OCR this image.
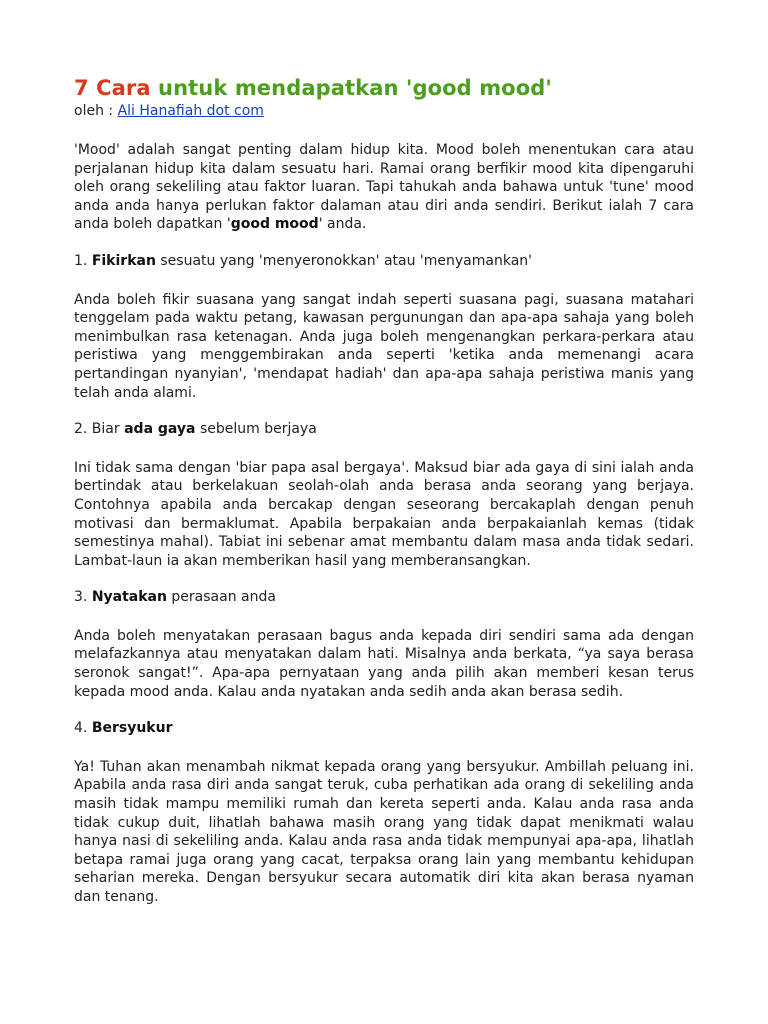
7 Cara untuk mendapatkan 'good mood'
oleh : Ali Hanafiah dot com

'Mood' adalah sangat penting dalam hidup kita. Mood boleh menentukan cara atau perjalanan hidup kita dalam sesuatu hari. Ramai orang berfikir mood kita dipengaruhi oleh orang sekeliling atau faktor luaran. Tapi tahukah anda bahawa untuk 'tune' mood anda anda hanya perlukan faktor dalaman atau diri anda sendiri. Berikut ialah 7 cara anda boleh dapatkan 'good mood' anda.

1. Fikirkan sesuatu yang 'menyeronokkan' atau 'menyamankan'

Anda boleh fikir suasana yang sangat indah seperti suasana pagi, suasana matahari tenggelam pada waktu petang, kawasan pergunungan dan apa-apa sahaja yang boleh menimbulkan rasa ketenagan. Anda juga boleh mengenangkan perkara-perkara atau peristiwa yang menggembirakan anda seperti 'ketika anda memenangi acara pertandingan nyanyian', 'mendapat hadiah' dan apa-apa sahaja peristiwa manis yang telah anda alami.

2. Biar ada gaya sebelum berjaya

Ini tidak sama dengan 'biar papa asal bergaya'. Maksud biar ada gaya di sini ialah anda bertindak atau berkelakuan seolah-olah anda berasa anda seorang yang berjaya. Contohnya apabila anda bercakap dengan seseorang bercakaplah dengan penuh motivasi dan bermaklumat. Apabila berpakaian anda berpakaianlah kemas (tidak semestinya mahal). Tabiat ini sebenar amat membantu dalam masa anda tidak sedari. Lambat-laun ia akan memberikan hasil yang memberansangkan.

3. Nyatakan perasaan anda

Anda boleh menyatakan perasaan bagus anda kepada diri sendiri sama ada dengan melafazkannya atau menyatakan dalam hati. Misalnya anda berkata, “ya saya berasa seronok sangat!”. Apa-apa pernyataan yang anda pilih akan memberi kesan terus kepada mood anda. Kalau anda nyatakan anda sedih anda akan berasa sedih.

4. Bersyukur

Ya! Tuhan akan menambah nikmat kepada orang yang bersyukur. Ambillah peluang ini. Apabila anda rasa diri anda sangat teruk, cuba perhatikan ada orang di sekeliling anda masih tidak mampu memiliki rumah dan kereta seperti anda. Kalau anda rasa anda tidak cukup duit, lihatlah bahawa masih orang yang tidak dapat menikmati walau hanya nasi di sekeliling anda. Kalau anda rasa anda tidak mempunyai apa-apa, lihatlah betapa ramai juga orang yang cacat, terpaksa orang lain yang membantu kehidupan seharian mereka. Dengan bersyukur secara automatik diri kita akan berasa nyaman dan tenang.
